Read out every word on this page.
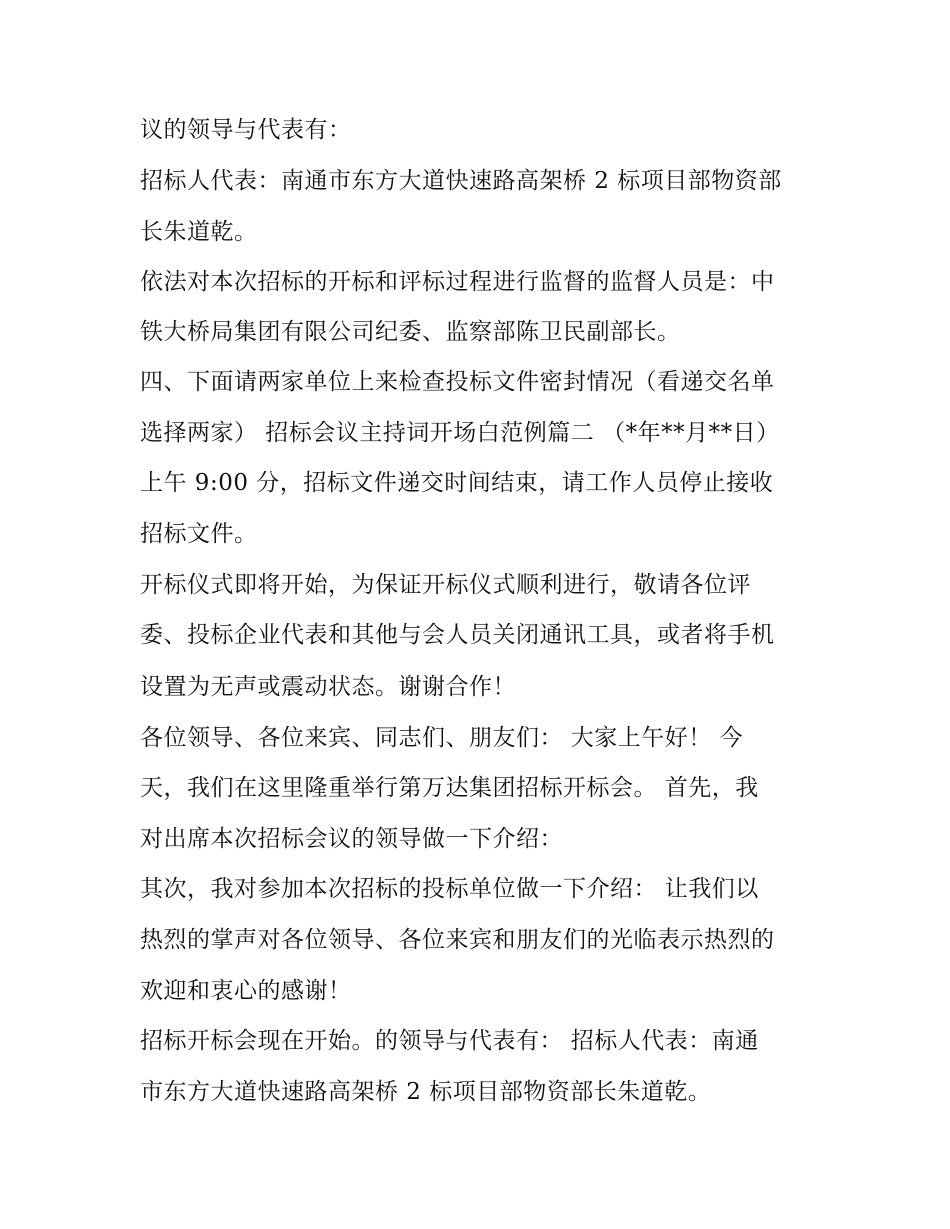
议的领导与代表有：
招标人代表：南通市东方大道快速路高架桥 2 标项目部物资部
长朱道乾。
依法对本次招标的开标和评标过程进行监督的监督人员是：中
铁大桥局集团有限公司纪委、监察部陈卫民副部长。
四、下面请两家单位上来检查投标文件密封情况（看递交名单
选择两家） 招标会议主持词开场白范例篇二 （*年**月**日）
上午 9:00 分，招标文件递交时间结束，请工作人员停止接收
招标文件。
开标仪式即将开始，为保证开标仪式顺利进行，敬请各位评
委、投标企业代表和其他与会人员关闭通讯工具，或者将手机
设置为无声或震动状态。谢谢合作！
各位领导、各位来宾、同志们、朋友们： 大家上午好！ 今
天，我们在这里隆重举行第万达集团招标开标会。 首先，我
对出席本次招标会议的领导做一下介绍：
其次，我对参加本次招标的投标单位做一下介绍： 让我们以
热烈的掌声对各位领导、各位来宾和朋友们的光临表示热烈的
欢迎和衷心的感谢！
招标开标会现在开始。的领导与代表有： 招标人代表：南通
市东方大道快速路高架桥 2 标项目部物资部长朱道乾。
